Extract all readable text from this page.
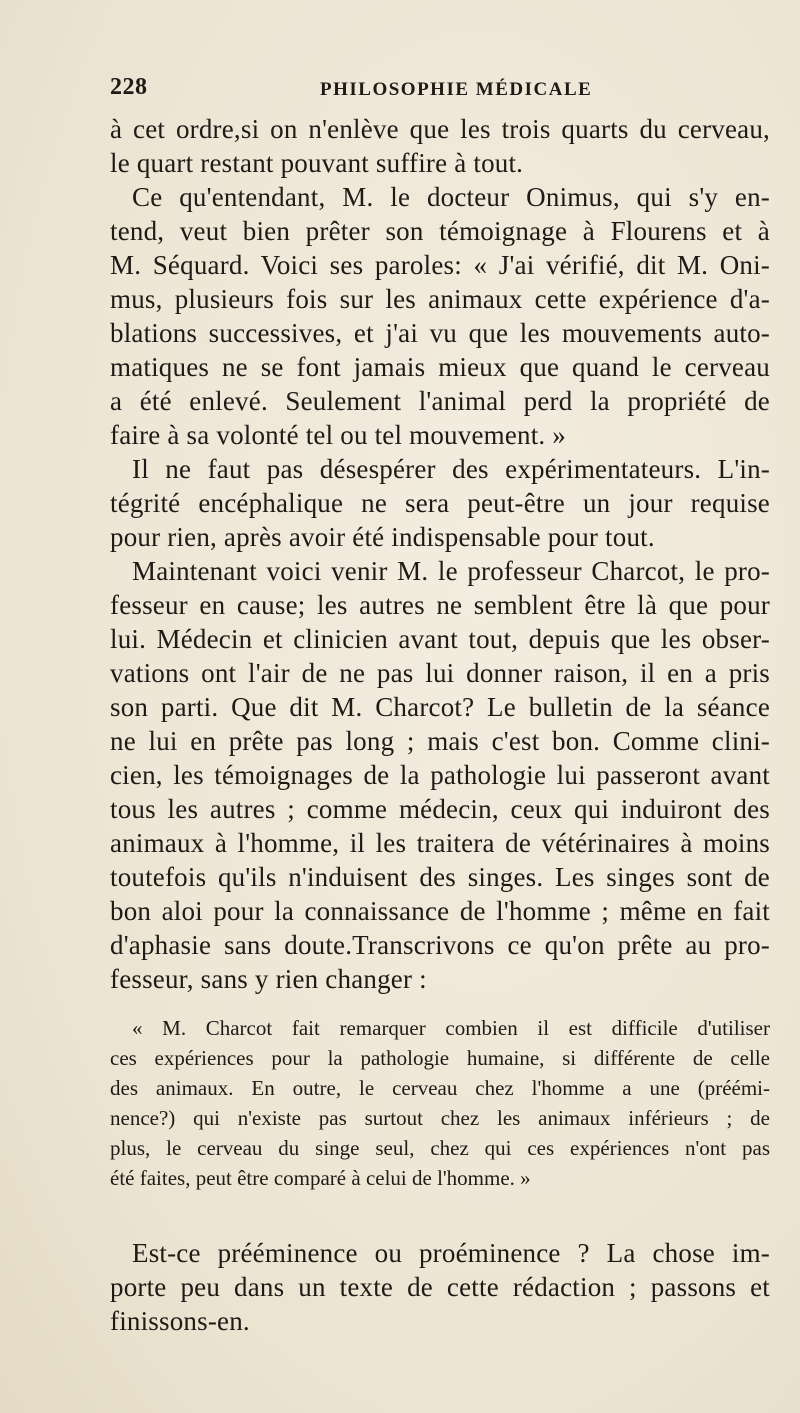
228	PHILOSOPHIE MÉDICALE
à cet ordre,si on n'enlève que les trois quarts du cerveau,
le quart restant pouvant suffire à tout.
Ce qu'entendant, M. le docteur Onimus, qui s'y en-
tend, veut bien prêter son témoignage à Flourens et à
M. Séquard. Voici ses paroles: « J'ai vérifié, dit M. Oni-
mus, plusieurs fois sur les animaux cette expérience d'a-
blations successives, et j'ai vu que les mouvements auto-
matiques ne se font jamais mieux que quand le cerveau
a été enlevé. Seulement l'animal perd la propriété de
faire à sa volonté tel ou tel mouvement. »
Il ne faut pas désespérer des expérimentateurs. L'in-
tégrité encéphalique ne sera peut-être un jour requise
pour rien, après avoir été indispensable pour tout.
Maintenant voici venir M. le professeur Charcot, le pro-
fesseur en cause; les autres ne semblent être là que pour
lui. Médecin et clinicien avant tout, depuis que les obser-
vations ont l'air de ne pas lui donner raison, il en a pris
son parti. Que dit M. Charcot? Le bulletin de la séance
ne lui en prête pas long ; mais c'est bon. Comme clini-
cien, les témoignages de la pathologie lui passeront avant
tous les autres ; comme médecin, ceux qui induiront des
animaux à l'homme, il les traitera de vétérinaires à moins
toutefois qu'ils n'induisent des singes. Les singes sont de
bon aloi pour la connaissance de l'homme ; même en fait
d'aphasie sans doute.Transcrivons ce qu'on prête au pro-
fesseur, sans y rien changer :
« M. Charcot fait remarquer combien il est difficile d'utiliser
ces expériences pour la pathologie humaine, si différente de celle
des animaux. En outre, le cerveau chez l'homme a une (préémi-
nence?) qui n'existe pas surtout chez les animaux inférieurs ; de
plus, le cerveau du singe seul, chez qui ces expériences n'ont pas
été faites, peut être comparé à celui de l'homme. »
Est-ce prééminence ou proéminence ? La chose im-
porte peu dans un texte de cette rédaction ; passons et
finissons-en.
